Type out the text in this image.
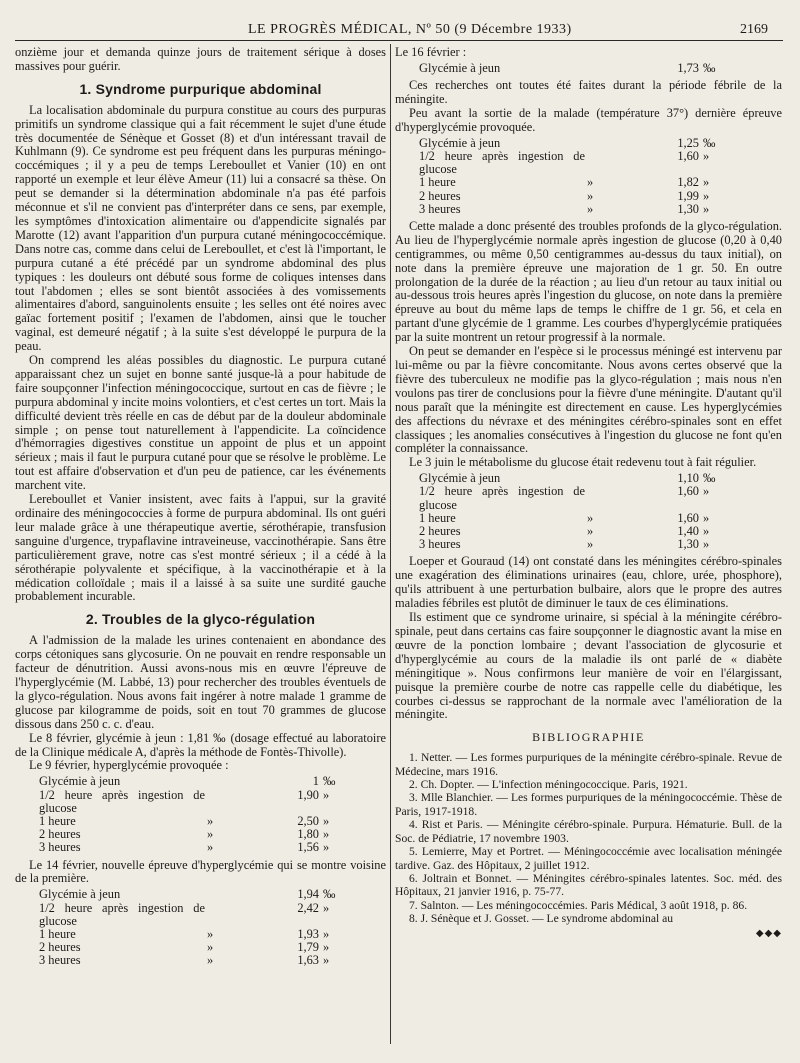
LE PROGRÈS MÉDICAL, Nº 50 (9 Décembre 1933)	2169

onzième jour et demanda quinze jours de traitement sérique à doses massives pour guérir.

1. Syndrome purpurique abdominal

La localisation abdominale du purpura constitue au cours des purpuras primitifs un syndrome classique qui a fait récemment le sujet d'une étude très documentée de Sénèque et Gosset (8) et d'un intéressant travail de Kuhlmann (9). Ce syndrome est peu fréquent dans les purpuras méningo-coccémiques ; il y a peu de temps Lereboullet et Vanier (10) en ont rapporté un exemple et leur élève Ameur (11) lui a consacré sa thèse. On peut se demander si la détermination abdominale n'a pas été parfois méconnue et s'il ne convient pas d'interpréter dans ce sens, par exemple, les symptômes d'intoxication alimentaire ou d'appendicite signalés par Marotte (12) avant l'apparition d'un purpura cutané méningococcémique. Dans notre cas, comme dans celui de Lereboullet, et c'est là l'important, le purpura cutané a été précédé par un syndrome abdominal des plus typiques : les douleurs ont débuté sous forme de coliques intenses dans tout l'abdomen ; elles se sont bientôt associées à des vomissements alimentaires d'abord, sanguinolents ensuite ; les selles ont été noires avec gaïac fortement positif ; l'examen de l'abdomen, ainsi que le toucher vaginal, est demeuré négatif ; à la suite s'est développé le purpura de la peau.

On comprend les aléas possibles du diagnostic. Le purpura cutané apparaissant chez un sujet en bonne santé jusque-là a pour habitude de faire soupçonner l'infection méningococcique, surtout en cas de fièvre ; le purpura abdominal y incite moins volontiers, et c'est certes un tort. Mais la difficulté devient très réelle en cas de début par de la douleur abdominale simple ; on pense tout naturellement à l'appendicite. La coïncidence d'hémorragies digestives constitue un appoint de plus et un appoint sérieux ; mais il faut le purpura cutané pour que se résolve le problème. Le tout est affaire d'observation et d'un peu de patience, car les événements marchent vite.

Lereboullet et Vanier insistent, avec faits à l'appui, sur la gravité ordinaire des méningococcies à forme de purpura abdominal. Ils ont guéri leur malade grâce à une thérapeutique avertie, sérothérapie, transfusion sanguine d'urgence, trypaflavine intraveineuse, vaccinothérapie. Sans être particulièrement grave, notre cas s'est montré sérieux ; il a cédé à la sérothérapie polyvalente et spécifique, à la vaccinothérapie et à la médication colloïdale ; mais il a laissé à sa suite une surdité gauche probablement incurable.

2. Troubles de la glyco-régulation

A l'admission de la malade les urines contenaient en abondance des corps cétoniques sans glycosurie. On ne pouvait en rendre responsable un facteur de dénutrition. Aussi avons-nous mis en œuvre l'épreuve de l'hyperglycémie (M. Labbé, 13) pour rechercher des troubles éventuels de la glyco-régulation. Nous avons fait ingérer à notre malade 1 gramme de glucose par kilogramme de poids, soit en tout 70 grammes de glucose dissous dans 250 c. c. d'eau.

Le 8 février, glycémie à jeun : 1,81 ‰ (dosage effectué au laboratoire de la Clinique médicale A, d'après la méthode de Fontès-Thivolle).

Le 9 février, hyperglycémie provoquée :

Glycémie à jeun		1	‰
1/2 heure après ingestion de glucose		1,90	»
1 heure	»	2,50	»
2 heures	»	1,80	»
3 heures	»	1,56	»

Le 14 février, nouvelle épreuve d'hyperglycémie qui se montre voisine de la première.

Glycémie à jeun		1,94	‰
1/2 heure après ingestion de glucose		2,42	»
1 heure	»	1,93	»
2 heures	»	1,79	»
3 heures	»	1,63	»

Le 16 février :

Glycémie à jeun		1,73	‰

Ces recherches ont toutes été faites durant la période fébrile de la méningite.

Peu avant la sortie de la malade (température 37°) dernière épreuve d'hyperglycémie provoquée.

Glycémie à jeun		1,25	‰
1/2 heure après ingestion de glucose		1,60	»
1 heure	»	1,82	»
2 heures	»	1,99	»
3 heures	»	1,30	»

Cette malade a donc présenté des troubles profonds de la glyco-régulation. Au lieu de l'hyperglycémie normale après ingestion de glucose (0,20 à 0,40 centigrammes, ou même 0,50 centigrammes au-dessus du taux initial), on note dans la première épreuve une majoration de 1 gr. 50. En outre prolongation de la durée de la réaction ; au lieu d'un retour au taux initial ou au-dessous trois heures après l'ingestion du glucose, on note dans la première épreuve au bout du même laps de temps le chiffre de 1 gr. 56, et cela en partant d'une glycémie de 1 gramme. Les courbes d'hyperglycémie pratiquées par la suite montrent un retour progressif à la normale.

On peut se demander en l'espèce si le processus méningé est intervenu par lui-même ou par la fièvre concomitante. Nous avons certes observé que la fièvre des tuberculeux ne modifie pas la glyco-régulation ; mais nous n'en voulons pas tirer de conclusions pour la fièvre d'une méningite. D'autant qu'il nous paraît que la méningite est directement en cause. Les hyperglycémies des affections du névraxe et des méningites cérébro-spinales sont en effet classiques ; les anomalies consécutives à l'ingestion du glucose ne font qu'en compléter la connaissance.

Le 3 juin le métabolisme du glucose était redevenu tout à fait régulier.

Glycémie à jeun		1,10	‰
1/2 heure après ingestion de glucose		1,60	»
1 heure	»	1,60	»
2 heures	»	1,40	»
3 heures	»	1,30	»

Loeper et Gouraud (14) ont constaté dans les méningites cérébro-spinales une exagération des éliminations urinaires (eau, chlore, urée, phosphore), qu'ils attribuent à une perturbation bulbaire, alors que le propre des autres maladies fébriles est plutôt de diminuer le taux de ces éliminations.

Ils estiment que ce syndrome urinaire, si spécial à la méningite cérébro-spinale, peut dans certains cas faire soupçonner le diagnostic avant la mise en œuvre de la ponction lombaire ; devant l'association de glycosurie et d'hyperglycémie au cours de la maladie ils ont parlé de « diabète méningitique ». Nous confirmons leur manière de voir en l'élargissant, puisque la première courbe de notre cas rappelle celle du diabétique, les courbes ci-dessus se rapprochant de la normale avec l'amélioration de la méningite.

BIBLIOGRAPHIE

1. Netter. — Les formes purpuriques de la méningite cérébro-spinale. Revue de Médecine, mars 1916.

2. Ch. Dopter. — L'infection méningococcique. Paris, 1921.

3. Mlle Blanchier. — Les formes purpuriques de la méningococcémie. Thèse de Paris, 1917-1918.

4. Rist et Paris. — Méningite cérébro-spinale. Purpura. Hématurie. Bull. de la Soc. de Pédiatrie, 17 novembre 1903.

5. Lemierre, May et Portret. — Méningococcémie avec localisation méningée tardive. Gaz. des Hôpitaux, 2 juillet 1912.

6. Joltrain et Bonnet. — Méningites cérébro-spinales latentes. Soc. méd. des Hôpitaux, 21 janvier 1916, p. 75-77.

7. Salnton. — Les méningococcémies. Paris Médical, 3 août 1918, p. 86.

8. J. Sénèque et J. Gosset. — Le syndrome abdominal au

◆◆◆
